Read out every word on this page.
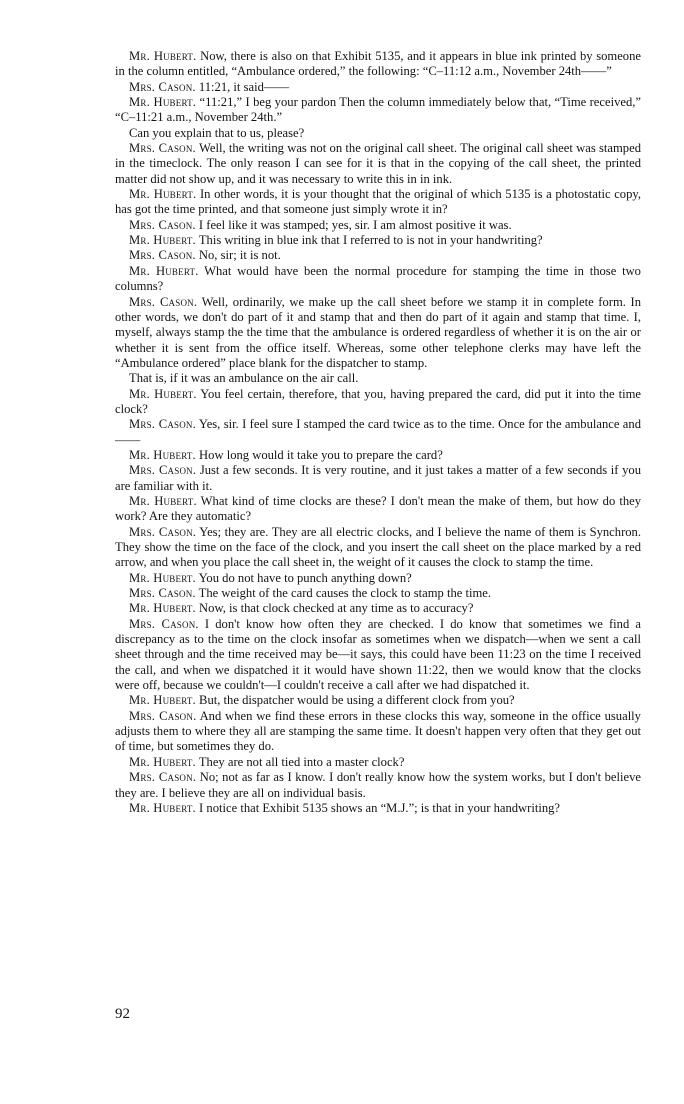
Mr. Hubert. Now, there is also on that Exhibit 5135, and it appears in blue ink printed by someone in the column entitled, “Ambulance ordered,” the following: “C–11:12 a.m., November 24th——”

Mrs. Cason. 11:21, it said——

Mr. Hubert. “11:21,” I beg your pardon Then the column immediately below that, “Time received,” “C–11:21 a.m., November 24th.”

Can you explain that to us, please?

Mrs. Cason. Well, the writing was not on the original call sheet. The original call sheet was stamped in the timeclock. The only reason I can see for it is that in the copying of the call sheet, the printed matter did not show up, and it was necessary to write this in in ink.

Mr. Hubert. In other words, it is your thought that the original of which 5135 is a photostatic copy, has got the time printed, and that someone just simply wrote it in?

Mrs. Cason. I feel like it was stamped; yes, sir. I am almost positive it was.

Mr. Hubert. This writing in blue ink that I referred to is not in your handwriting?

Mrs. Cason. No, sir; it is not.

Mr. Hubert. What would have been the normal procedure for stamping the time in those two columns?

Mrs. Cason. Well, ordinarily, we make up the call sheet before we stamp it in complete form. In other words, we don't do part of it and stamp that and then do part of it again and stamp that time. I, myself, always stamp the the time that the ambulance is ordered regardless of whether it is on the air or whether it is sent from the office itself. Whereas, some other telephone clerks may have left the “Ambulance ordered” place blank for the dispatcher to stamp.

That is, if it was an ambulance on the air call.

Mr. Hubert. You feel certain, therefore, that you, having prepared the card, did put it into the time clock?

Mrs. Cason. Yes, sir. I feel sure I stamped the card twice as to the time. Once for the ambulance and——

Mr. Hubert. How long would it take you to prepare the card?

Mrs. Cason. Just a few seconds. It is very routine, and it just takes a matter of a few seconds if you are familiar with it.

Mr. Hubert. What kind of time clocks are these? I don't mean the make of them, but how do they work? Are they automatic?

Mrs. Cason. Yes; they are. They are all electric clocks, and I believe the name of them is Synchron. They show the time on the face of the clock, and you insert the call sheet on the place marked by a red arrow, and when you place the call sheet in, the weight of it causes the clock to stamp the time.

Mr. Hubert. You do not have to punch anything down?

Mrs. Cason. The weight of the card causes the clock to stamp the time.

Mr. Hubert. Now, is that clock checked at any time as to accuracy?

Mrs. Cason. I don't know how often they are checked. I do know that sometimes we find a discrepancy as to the time on the clock insofar as sometimes when we dispatch—when we sent a call sheet through and the time received may be—it says, this could have been 11:23 on the time I received the call, and when we dispatched it it would have shown 11:22, then we would know that the clocks were off, because we couldn't—I couldn't receive a call after we had dispatched it.

Mr. Hubert. But, the dispatcher would be using a different clock from you?

Mrs. Cason. And when we find these errors in these clocks this way, someone in the office usually adjusts them to where they all are stamping the same time. It doesn't happen very often that they get out of time, but sometimes they do.

Mr. Hubert. They are not all tied into a master clock?

Mrs. Cason. No; not as far as I know. I don't really know how the system works, but I don't believe they are. I believe they are all on individual basis.

Mr. Hubert. I notice that Exhibit 5135 shows an “M.J.”; is that in your handwriting?

92
